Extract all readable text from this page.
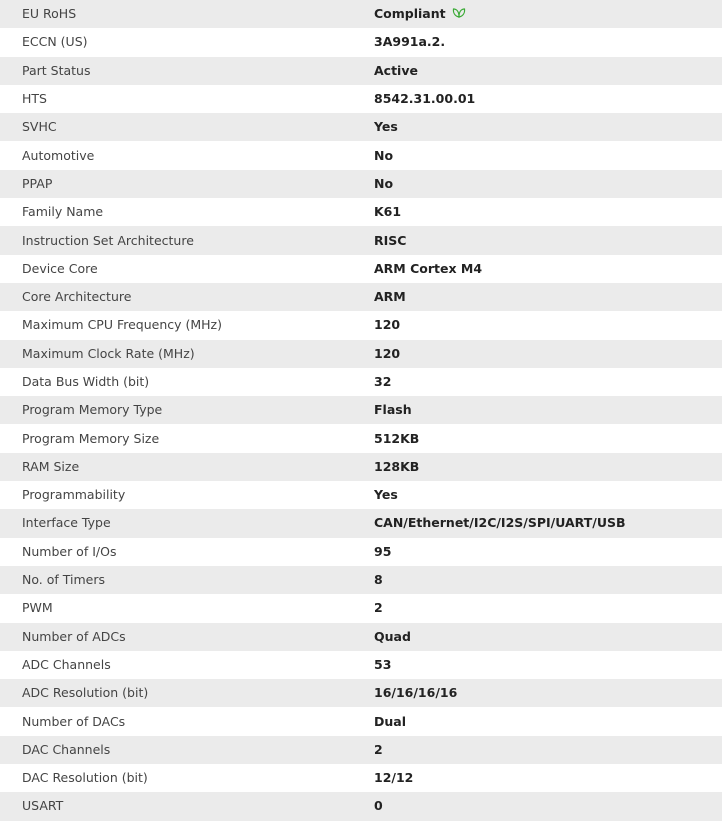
EU RoHS	Compliant
ECCN (US)	3A991a.2.
Part Status	Active
HTS	8542.31.00.01
SVHC	Yes
Automotive	No
PPAP	No
Family Name	K61
Instruction Set Architecture	RISC
Device Core	ARM Cortex M4
Core Architecture	ARM
Maximum CPU Frequency (MHz)	120
Maximum Clock Rate (MHz)	120
Data Bus Width (bit)	32
Program Memory Type	Flash
Program Memory Size	512KB
RAM Size	128KB
Programmability	Yes
Interface Type	CAN/Ethernet/I2C/I2S/SPI/UART/USB
Number of I/Os	95
No. of Timers	8
PWM	2
Number of ADCs	Quad
ADC Channels	53
ADC Resolution (bit)	16/16/16/16
Number of DACs	Dual
DAC Channels	2
DAC Resolution (bit)	12/12
USART	0
